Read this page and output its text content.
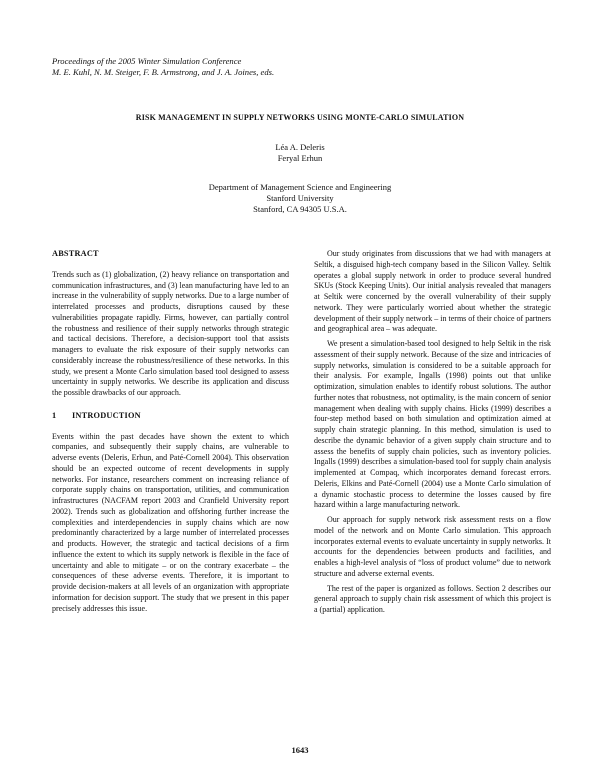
Proceedings of the 2005 Winter Simulation Conference
M. E. Kuhl, N. M. Steiger, F. B. Armstrong, and J. A. Joines, eds.
RISK MANAGEMENT IN SUPPLY NETWORKS USING MONTE-CARLO SIMULATION
Léa A. Deleris
Feryal Erhun
Department of Management Science and Engineering
Stanford University
Stanford, CA 94305 U.S.A.
ABSTRACT

Trends such as (1) globalization, (2) heavy reliance on transportation and communication infrastructures, and (3) lean manufacturing have led to an increase in the vulnerability of supply networks. Due to a large number of interrelated processes and products, disruptions caused by these vulnerabilities propagate rapidly. Firms, however, can partially control the robustness and resilience of their supply networks through strategic and tactical decisions. Therefore, a decision-support tool that assists managers to evaluate the risk exposure of their supply networks can considerably increase the robustness/resilience of these networks. In this study, we present a Monte Carlo simulation based tool designed to assess uncertainty in supply networks. We describe its application and discuss the possible drawbacks of our approach.

1 INTRODUCTION

Events within the past decades have shown the extent to which companies, and subsequently their supply chains, are vulnerable to adverse events (Deleris, Erhun, and Paté-Cornell 2004). This observation should be an expected outcome of recent developments in supply networks. For instance, researchers comment on increasing reliance of corporate supply chains on transportation, utilities, and communication infrastructures (NACFAM report 2003 and Cranfield University report 2002). Trends such as globalization and offshoring further increase the complexities and interdependencies in supply chains which are now predominantly characterized by a large number of interrelated processes and products. However, the strategic and tactical decisions of a firm influence the extent to which its supply network is flexible in the face of uncertainty and able to mitigate – or on the contrary exacerbate – the consequences of these adverse events. Therefore, it is important to provide decision-makers at all levels of an organization with appropriate information for decision support. The study that we present in this paper precisely addresses this issue.

Our study originates from discussions that we had with managers at Seltik, a disguised high-tech company based in the Silicon Valley. Seltik operates a global supply network in order to produce several hundred SKUs (Stock Keeping Units). Our initial analysis revealed that managers at Seltik were concerned by the overall vulnerability of their supply network. They were particularly worried about whether the strategic development of their supply network – in terms of their choice of partners and geographical area – was adequate.

We present a simulation-based tool designed to help Seltik in the risk assessment of their supply network. Because of the size and intricacies of supply networks, simulation is considered to be a suitable approach for their analysis. For example, Ingalls (1998) points out that unlike optimization, simulation enables to identify robust solutions. The author further notes that robustness, not optimality, is the main concern of senior management when dealing with supply chains. Hicks (1999) describes a four-step method based on both simulation and optimization aimed at supply chain strategic planning. In this method, simulation is used to describe the dynamic behavior of a given supply chain structure and to assess the benefits of supply chain policies, such as inventory policies. Ingalls (1999) describes a simulation-based tool for supply chain analysis implemented at Compaq, which incorporates demand forecast errors. Deleris, Elkins and Paté-Cornell (2004) use a Monte Carlo simulation of a dynamic stochastic process to determine the losses caused by fire hazard within a large manufacturing network.

Our approach for supply network risk assessment rests on a flow model of the network and on Monte Carlo simulation. This approach incorporates external events to evaluate uncertainty in supply networks. It accounts for the dependencies between products and facilities, and enables a high-level analysis of “loss of product volume” due to network structure and adverse external events.

The rest of the paper is organized as follows. Section 2 describes our general approach to supply chain risk assessment of which this project is a (partial) application.

1643
